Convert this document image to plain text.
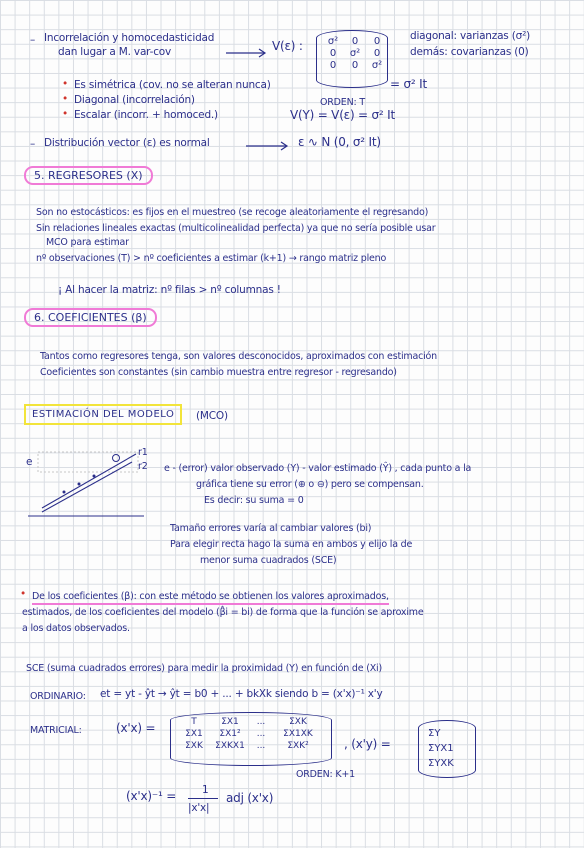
– Incorrelación y homocedasticidad
dan lugar a M. var-cov	V(ε) :	σ² 0 0
0 σ² 0
0 0 σ²
diagonal: varianzas (σ²)
demás: covarianzas (0)
= σ² It
• Es simétrica (cov. no se alteran nunca)
• Diagonal (incorrelación)	ORDEN: T
• Escalar (incorr. + homoced.)	V(Y) = V(ε) = σ² It
– Distribución vector (ε) es normal	ε ∿ N (0, σ² It)
5. REGRESORES (X)
Son no estocásticos: es fijos en el muestreo (se recoge aleatoriamente el regresando)
Sin relaciones lineales exactas (multicolinealidad perfecta) ya que no sería posible usar
MCO para estimar
nº observaciones (T) > nº coeficientes a estimar (k+1) → rango matriz pleno
¡ Al hacer la matriz: nº filas > nº columnas !
6. COEFICIENTES (β)
Tantos como regresores tenga, son valores desconocidos, aproximados con estimación
Coeficientes son constantes (sin cambio muestra entre regresor - regresando)
ESTIMACIÓN DEL MODELO	(MCO)
e
r1
r2 e - (error) valor observado (Y) - valor estimado (Ŷ) , cada punto a la
gráfica tiene su error (⊕ o ⊖) pero se compensan.
Es decir: su suma = 0
Tamaño errores varía al cambiar valores (bi)
Para elegir recta hago la suma en ambos y elijo la de
menor suma cuadrados (SCE)
• De los coeficientes (β): con este método se obtienen los valores aproximados,
estimados, de los coeficientes del modelo (β̂i = bi) de forma que la función se aproxime
a los datos observados.
SCE (suma cuadrados errores) para medir la proximidad (Y) en función de (Xi)
ORDINARIO: et = yt - ŷt → ŷt = b0 + ... + bkXk siendo b = (x'x)⁻¹ x'y
MATRICIAL:	(x'x) =	T	ΣX1 ...	ΣXK
ΣX1 ΣX1² ... ΣX1XK
ΣXK ΣXKX1 ... ΣXK²	, (x'y) =
ΣY
ΣYX1
ΣYXK
ORDEN: K+1
(x'x)⁻¹ = 1
|x'x|
adj (x'x)
